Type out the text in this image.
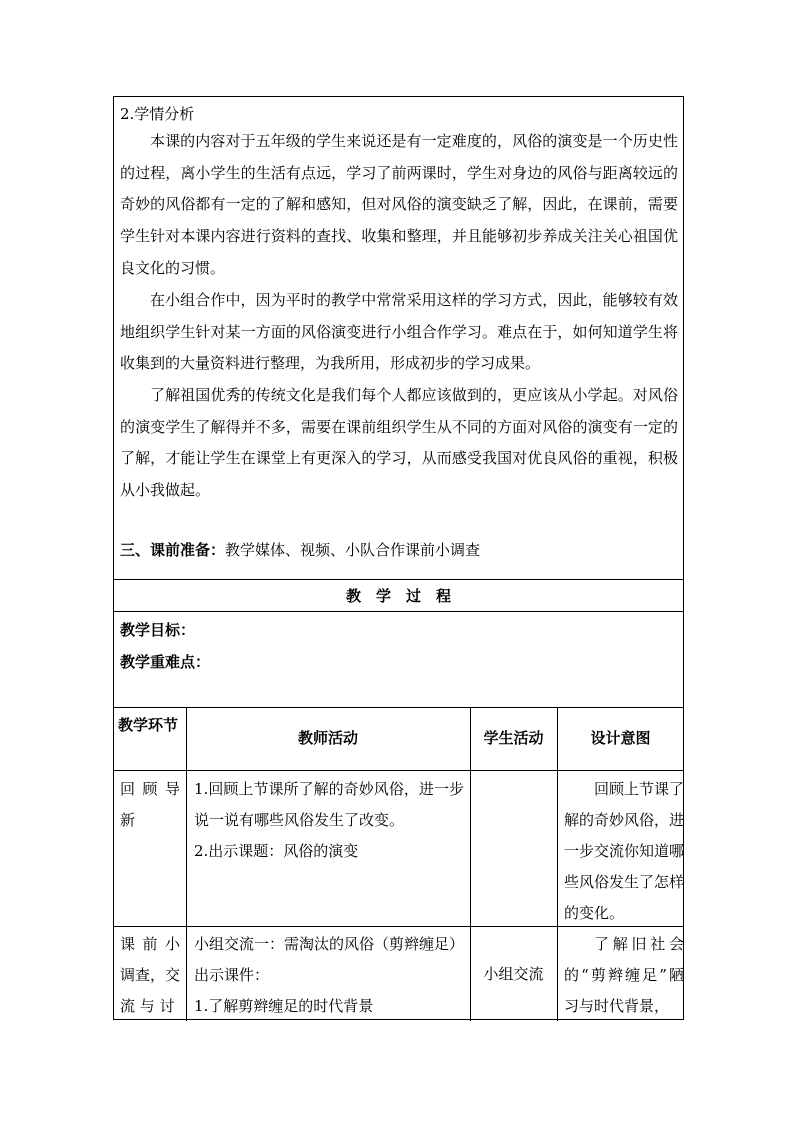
2.学情分析
本课的内容对于五年级的学生来说还是有一定难度的，风俗的演变是一个历史性的过程，离小学生的生活有点远，学习了前两课时，学生对身边的风俗与距离较远的奇妙的风俗都有一定的了解和感知，但对风俗的演变缺乏了解，因此，在课前，需要学生针对本课内容进行资料的查找、收集和整理，并且能够初步养成关注关心祖国优良文化的习惯。
在小组合作中，因为平时的教学中常常采用这样的学习方式，因此，能够较有效地组织学生针对某一方面的风俗演变进行小组合作学习。难点在于，如何知道学生将收集到的大量资料进行整理，为我所用，形成初步的学习成果。
了解祖国优秀的传统文化是我们每个人都应该做到的，更应该从小学起。对风俗的演变学生了解得并不多，需要在课前组织学生从不同的方面对风俗的演变有一定的了解，才能让学生在课堂上有更深入的学习，从而感受我国对优良风俗的重视，积极从小我做起。
三、课前准备：教学媒体、视频、小队合作课前小调查
教　学　过　程
教学目标：
教学重难点：
教学环节
教师活动	学生活动	设计意图
回 顾 导 新
1.回顾上节课所了解的奇妙风俗，进一步说一说有哪些风俗发生了改变。
2.出示课题：风俗的演变
回顾上节课了解的奇妙风俗，进一步交流你知道哪些风俗发生了怎样的变化。
课 前 小 调查，交 流 与 讨
小组交流一：需淘汰的风俗（剪辫缠足）
出示课件：
1.了解剪辫缠足的时代背景
小组交流
了解旧社会的“剪辫缠足”陋习与时代背景，
